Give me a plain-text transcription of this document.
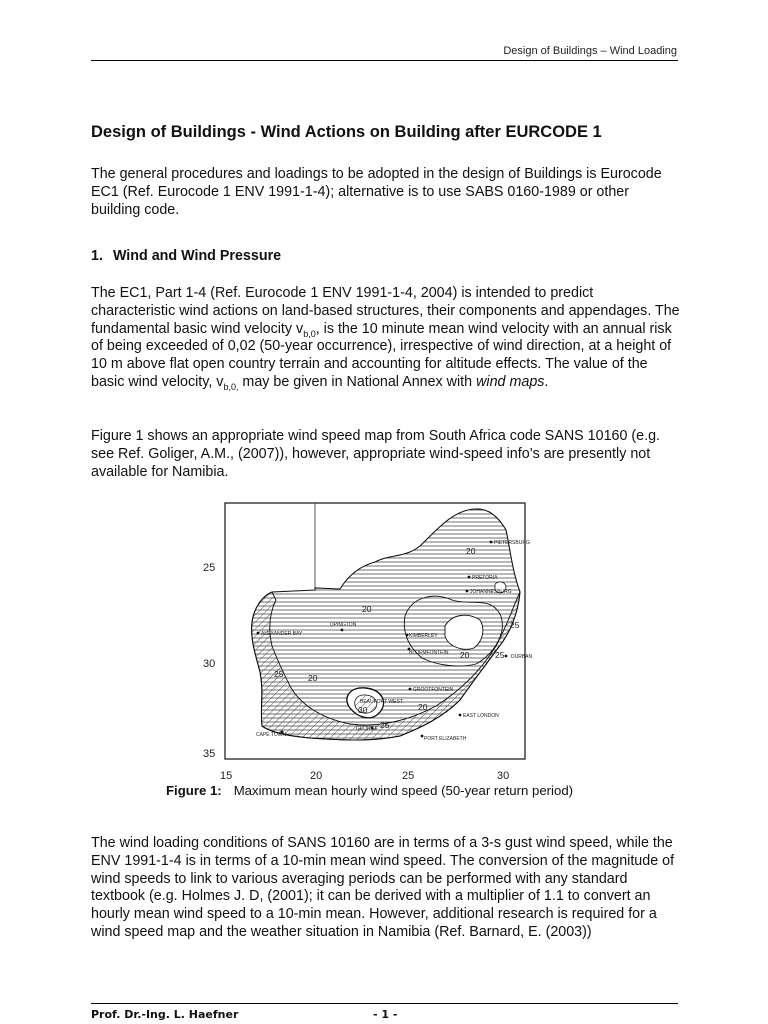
Design of Buildings – Wind Loading
Design of Buildings - Wind Actions on Building after EURCODE 1

The general procedures and loadings to be adopted in the design of Buildings is Eurocode EC1 (Ref. Eurocode 1 ENV 1991-1-4); alternative is to use SABS 0160-1989 or other building code.

1. Wind and Wind Pressure

The EC1, Part 1-4 (Ref. Eurocode 1 ENV 1991-1-4, 2004) is intended to predict characteristic wind actions on land-based structures, their components and appendages. The fundamental basic wind velocity $v_{b,0}$, is the 10 minute mean wind velocity with an annual risk of being exceeded of 0,02 (50-year occurrence), irrespective of wind direction, at a height of 10 m above flat open country terrain and accounting for altitude effects. The value of the basic wind velocity, $v_{b,0,}$ may be given in National Annex with wind maps.

Figure 1 shows an appropriate wind speed map from South Africa code SANS 10160 (e.g. see Ref. Goliger, A.M., (2007)), however, appropriate wind-speed info’s are presently not available for Namibia.

25
30
35
15	20	25	30
20
20
20
25
25
20
30
25
20	25
PIETERSBURG
PRETORIA
JOHANNESBURG
ALEXANDER BAY
UPINGTON
KIMBERLEY
BLOEMFONTEIN
DURBAN
GROOTFONTEIN
BEAUFORT WEST
EAST LONDON
CAPE TOWN
GEORGE
PORT ELIZABETH
Figure 1: Maximum mean hourly wind speed (50-year return period)

The wind loading conditions of SANS 10160 are in terms of a 3-s gust wind speed, while the ENV 1991-1-4 is in terms of a 10-min mean wind speed. The conversion of the magnitude of wind speeds to link to various averaging periods can be performed with any standard textbook (e.g. Holmes J. D, (2001); it can be derived with a multiplier of 1.1 to convert an hourly mean wind speed to a 10-min mean. However, additional research is required for a wind speed map and the weather situation in Namibia (Ref. Barnard, E. (2003))

Prof. Dr.-Ing. L. Haefner	- 1 -
